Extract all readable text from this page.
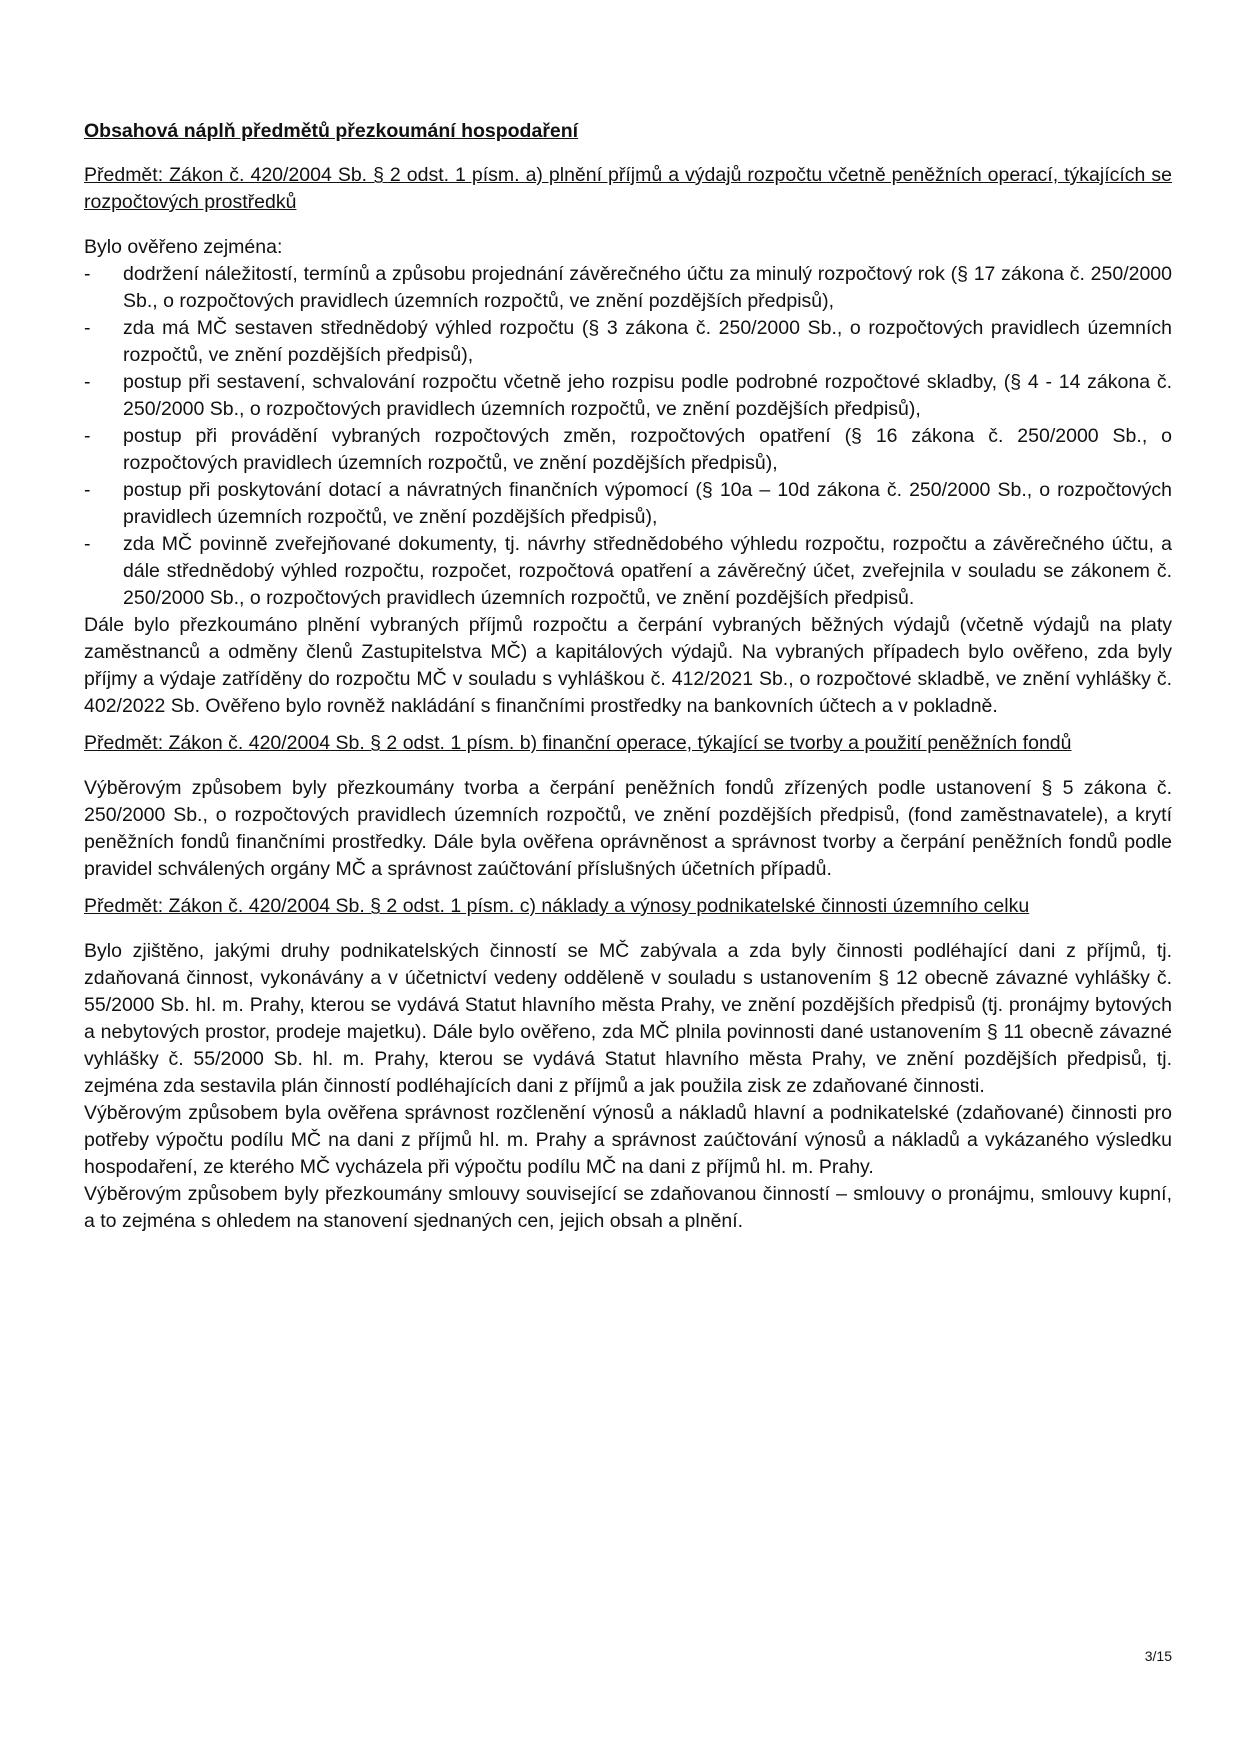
Obsahová náplň předmětů přezkoumání hospodaření
Předmět: Zákon č. 420/2004 Sb. § 2 odst. 1 písm. a) plnění příjmů a výdajů rozpočtu včetně peněžních operací, týkajících se rozpočtových prostředků

Bylo ověřeno zejména:

- dodržení náležitostí, termínů a způsobu projednání závěrečného účtu za minulý rozpočtový rok (§ 17 zákona č. 250/2000 Sb., o rozpočtových pravidlech územních rozpočtů, ve znění pozdějších předpisů),
- zda má MČ sestaven střednědobý výhled rozpočtu (§ 3 zákona č. 250/2000 Sb., o rozpočtových pravidlech územních rozpočtů, ve znění pozdějších předpisů),
- postup při sestavení, schvalování rozpočtu včetně jeho rozpisu podle podrobné rozpočtové skladby, (§ 4 - 14 zákona č. 250/2000 Sb., o rozpočtových pravidlech územních rozpočtů, ve znění pozdějších předpisů),
- postup při provádění vybraných rozpočtových změn, rozpočtových opatření (§ 16 zákona č. 250/2000 Sb., o rozpočtových pravidlech územních rozpočtů, ve znění pozdějších předpisů),
- postup při poskytování dotací a návratných finančních výpomocí (§ 10a – 10d zákona č. 250/2000 Sb., o rozpočtových pravidlech územních rozpočtů, ve znění pozdějších předpisů),
- zda MČ povinně zveřejňované dokumenty, tj. návrhy střednědobého výhledu rozpočtu, rozpočtu a závěrečného účtu, a dále střednědobý výhled rozpočtu, rozpočet, rozpočtová opatření a závěrečný účet, zveřejnila v souladu se zákonem č. 250/2000 Sb., o rozpočtových pravidlech územních rozpočtů, ve znění pozdějších předpisů.

Dále bylo přezkoumáno plnění vybraných příjmů rozpočtu a čerpání vybraných běžných výdajů (včetně výdajů na platy zaměstnanců a odměny členů Zastupitelstva MČ) a kapitálových výdajů. Na vybraných případech bylo ověřeno, zda byly příjmy a výdaje zatříděny do rozpočtu MČ v souladu s vyhláškou č. 412/2021 Sb., o rozpočtové skladbě, ve znění vyhlášky č. 402/2022 Sb. Ověřeno bylo rovněž nakládání s finančními prostředky na bankovních účtech a v pokladně.

Předmět: Zákon č. 420/2004 Sb. § 2 odst. 1 písm. b) finanční operace, týkající se tvorby a použití peněžních fondů

Výběrovým způsobem byly přezkoumány tvorba a čerpání peněžních fondů zřízených podle ustanovení § 5 zákona č. 250/2000 Sb., o rozpočtových pravidlech územních rozpočtů, ve znění pozdějších předpisů, (fond zaměstnavatele), a krytí peněžních fondů finančními prostředky. Dále byla ověřena oprávněnost a správnost tvorby a čerpání peněžních fondů podle pravidel schválených orgány MČ a správnost zaúčtování příslušných účetních případů.

Předmět: Zákon č. 420/2004 Sb. § 2 odst. 1 písm. c) náklady a výnosy podnikatelské činnosti územního celku

Bylo zjištěno, jakými druhy podnikatelských činností se MČ zabývala a zda byly činnosti podléhající dani z příjmů, tj. zdaňovaná činnost, vykonávány a v účetnictví vedeny odděleně v souladu s ustanovením § 12 obecně závazné vyhlášky č. 55/2000 Sb. hl. m. Prahy, kterou se vydává Statut hlavního města Prahy, ve znění pozdějších předpisů (tj. pronájmy bytových a nebytových prostor, prodeje majetku). Dále bylo ověřeno, zda MČ plnila povinnosti dané ustanovením § 11 obecně závazné vyhlášky č. 55/2000 Sb. hl. m. Prahy, kterou se vydává Statut hlavního města Prahy, ve znění pozdějších předpisů, tj. zejména zda sestavila plán činností podléhajících dani z příjmů a jak použila zisk ze zdaňované činnosti.

Výběrovým způsobem byla ověřena správnost rozčlenění výnosů a nákladů hlavní a podnikatelské (zdaňované) činnosti pro potřeby výpočtu podílu MČ na dani z příjmů hl. m. Prahy a správnost zaúčtování výnosů a nákladů a vykázaného výsledku hospodaření, ze kterého MČ vycházela při výpočtu podílu MČ na dani z příjmů hl. m. Prahy.

Výběrovým způsobem byly přezkoumány smlouvy související se zdaňovanou činností – smlouvy o pronájmu, smlouvy kupní, a to zejména s ohledem na stanovení sjednaných cen, jejich obsah a plnění.

3/15
